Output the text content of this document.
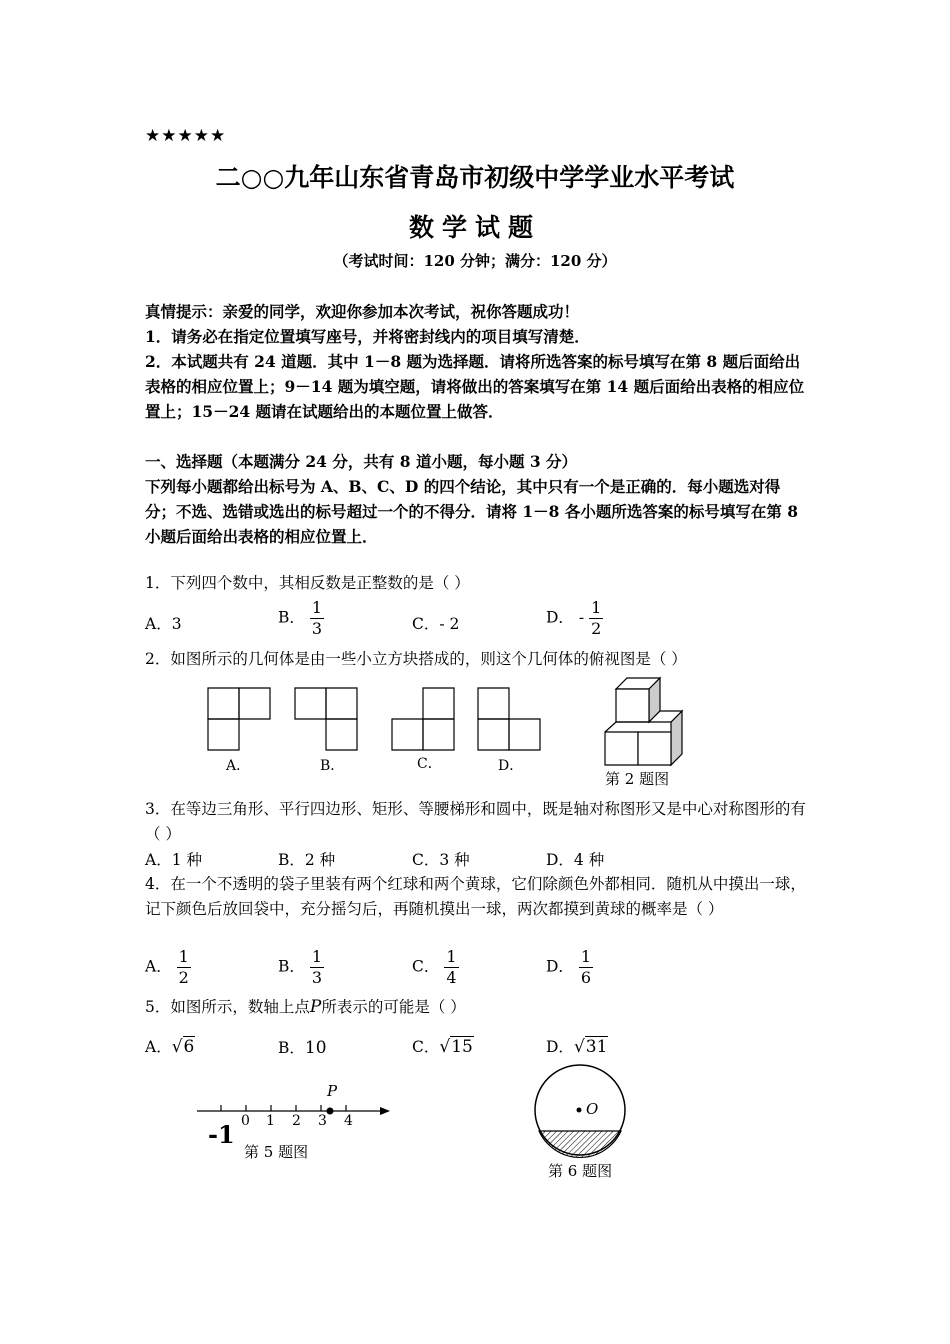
★★★★★
二○○九年山东省青岛市初级中学学业水平考试
数学试题
（考试时间：120 分钟；满分：120 分）
真情提示：亲爱的同学，欢迎你参加本次考试，祝你答题成功！
1．请务必在指定位置填写座号，并将密封线内的项目填写清楚．
2．本试题共有 24 道题．其中 1－8 题为选择题．请将所选答案的标号填写在第 8 题后面给出表格的相应位置上；9－14 题为填空题，请将做出的答案填写在第 14 题后面给出表格的相应位置上；15－24 题请在试题给出的本题位置上做答．
一、选择题（本题满分 24 分，共有 8 道小题，每小题 3 分）
下列每小题都给出标号为 A、B、C、D 的四个结论，其中只有一个是正确的．每小题选对得分；不选、选错或选出的标号超过一个的不得分．请将 1－8 各小题所选答案的标号填写在第 8 小题后面给出表格的相应位置上．
1．下列四个数中，其相反数是正整数的是（ ）
A．3	B． $\frac{1}{3}$	C．- 2	D． - $\frac{1}{2}$
2．如图所示的几何体是由一些小立方块搭成的，则这个几何体的俯视图是（ ）
A．	B．	C．	D．
第 2 题图
3．在等边三角形、平行四边形、矩形、等腰梯形和圆中，既是轴对称图形又是中心对称图形的有（ ）
A．1 种	B．2 种	C．3 种	D．4 种
4．在一个不透明的袋子里装有两个红球和两个黄球，它们除颜色外都相同．随机从中摸出一球，记下颜色后放回袋中，充分摇匀后，再随机摸出一球，两次都摸到黄球的概率是（ ）
A． $\frac{1}{2}$	B． $\frac{1}{3}$	C． $\frac{1}{4}$	D． $\frac{1}{6}$
5．如图所示，数轴上点P所表示的可能是（ ）
A．√6	B．10	C．√15	D．√31
P
0 1 2 3 4
-1
第 5 题图
O
第 6 题图
